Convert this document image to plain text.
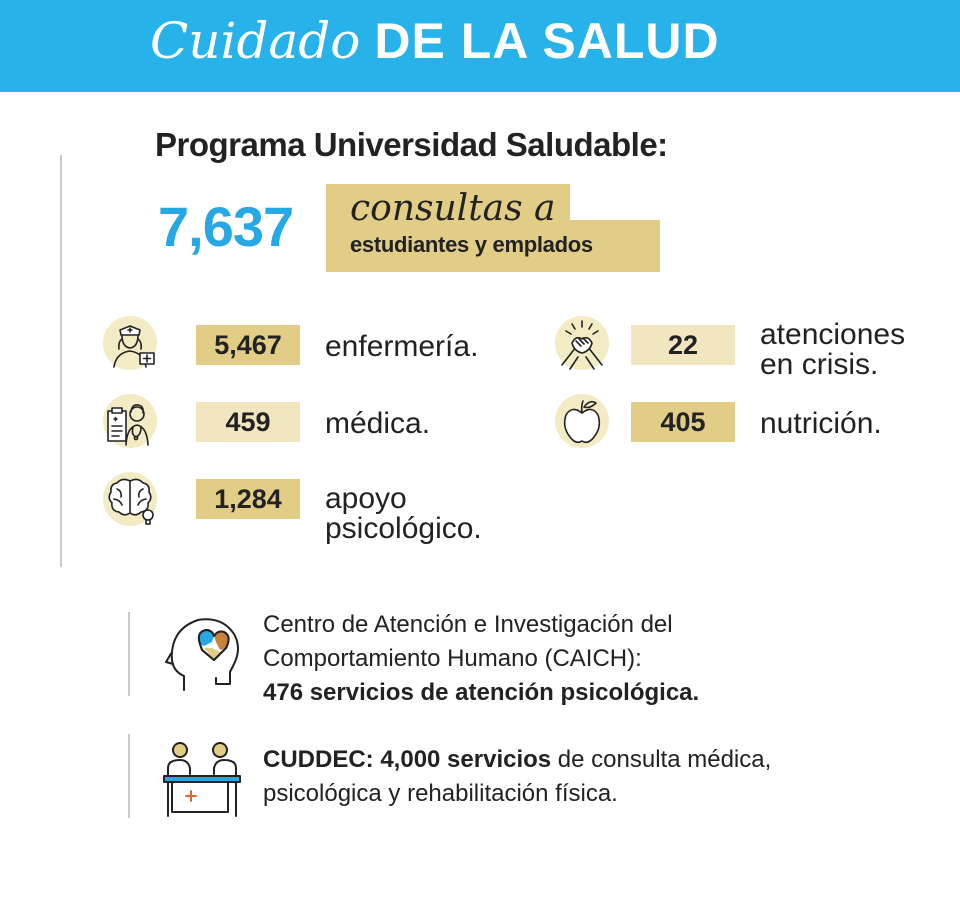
Cuidado DE LA SALUD
Programa Universidad Saludable:
7,637 consultas a
estudiantes y emplados
5,467	enfermería.
459	médica.
1,284	apoyo
psicológico.
22	atenciones
en crisis.
405	nutrición.
Centro de Atención e Investigación del
Comportamiento Humano (CAICH):
476 servicios de atención psicológica.
CUDDEC: 4,000 servicios de consulta médica,
psicológica y rehabilitación física.
